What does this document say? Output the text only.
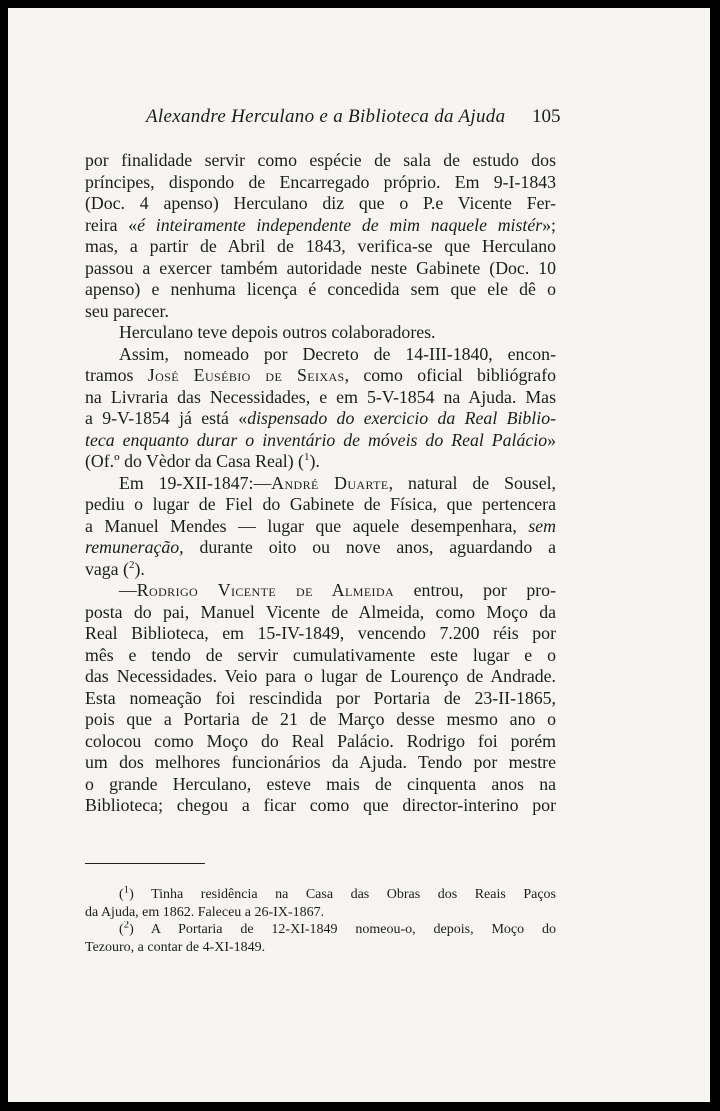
Alexandre Herculano e a Biblioteca da Ajuda 105
por finalidade servir como espécie de sala de estudo dos
príncipes, dispondo de Encarregado próprio. Em 9-I-1843
(Doc. 4 apenso) Herculano diz que o P.e Vicente Fer-
reira «é inteiramente independente de mim naquele mistér»;
mas, a partir de Abril de 1843, verifica-se que Herculano
passou a exercer também autoridade neste Gabinete (Doc. 10
apenso) e nenhuma licença é concedida sem que ele dê o
seu parecer.
Herculano teve depois outros colaboradores.
Assim, nomeado por Decreto de 14-III-1840, encon-
tramos José Eusébio de Seixas, como oficial bibliógrafo
na Livraria das Necessidades, e em 5-V-1854 na Ajuda. Mas
a 9-V-1854 já está «dispensado do exercicio da Real Biblio-
teca enquanto durar o inventário de móveis do Real Palácio»
(Of.º do Vèdor da Casa Real) ($^1$).
Em 19-XII-1847:—André Duarte, natural de Sousel,
pediu o lugar de Fiel do Gabinete de Física, que pertencera
a Manuel Mendes — lugar que aquele desempenhara, sem
remuneração, durante oito ou nove anos, aguardando a
vaga ($^2$).
—Rodrigo Vicente de Almeida entrou, por pro-
posta do pai, Manuel Vicente de Almeida, como Moço da
Real Biblioteca, em 15-IV-1849, vencendo 7.200 réis por
mês e tendo de servir cumulativamente este lugar e o
das Necessidades. Veio para o lugar de Lourenço de Andrade.
Esta nomeação foi rescindida por Portaria de 23-II-1865,
pois que a Portaria de 21 de Março desse mesmo ano o
colocou como Moço do Real Palácio. Rodrigo foi porém
um dos melhores funcionários da Ajuda. Tendo por mestre
o grande Herculano, esteve mais de cinquenta anos na
Biblioteca; chegou a ficar como que director-interino por
($^1$) Tinha residência na Casa das Obras dos Reais Paços
da Ajuda, em 1862. Faleceu a 26-IX-1867.
($^2$) A Portaria de 12-XI-1849 nomeou-o, depois, Moço do
Tezouro, a contar de 4-XI-1849.
